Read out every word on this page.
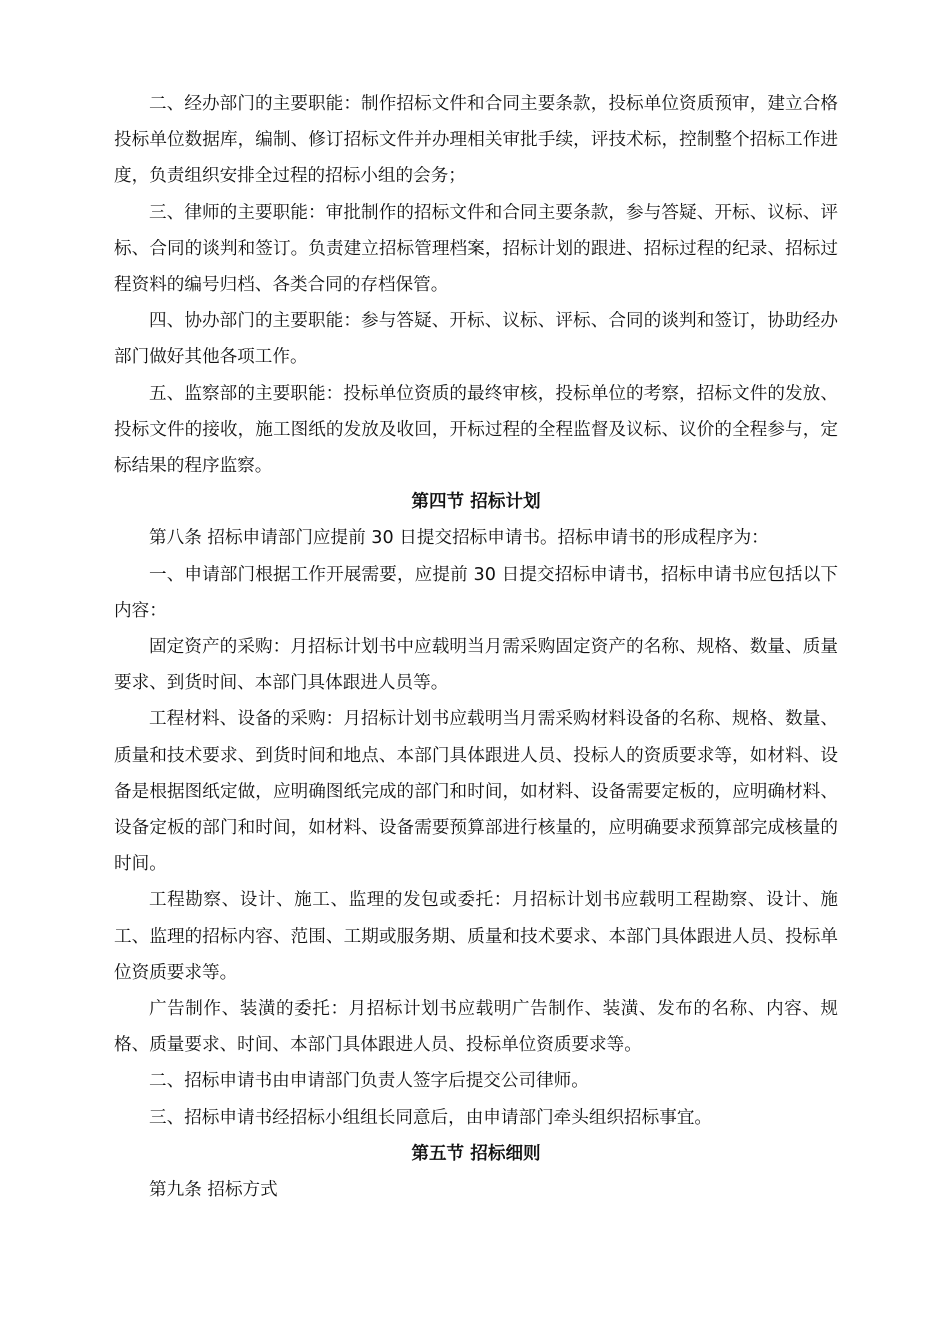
二、经办部门的主要职能：制作招标文件和合同主要条款，投标单位资质预审，建立合格投标单位数据库，编制、修订招标文件并办理相关审批手续，评技术标，控制整个招标工作进度，负责组织安排全过程的招标小组的会务；

三、律师的主要职能：审批制作的招标文件和合同主要条款，参与答疑、开标、议标、评标、合同的谈判和签订。负责建立招标管理档案，招标计划的跟进、招标过程的纪录、招标过程资料的编号归档、各类合同的存档保管。

四、协办部门的主要职能：参与答疑、开标、议标、评标、合同的谈判和签订，协助经办部门做好其他各项工作。

五、监察部的主要职能：投标单位资质的最终审核，投标单位的考察，招标文件的发放、投标文件的接收，施工图纸的发放及收回，开标过程的全程监督及议标、议价的全程参与，定标结果的程序监察。

第四节 招标计划

第八条 招标申请部门应提前 30 日提交招标申请书。招标申请书的形成程序为：

一、申请部门根据工作开展需要，应提前 30 日提交招标申请书，招标申请书应包括以下内容：

固定资产的采购：月招标计划书中应载明当月需采购固定资产的名称、规格、数量、质量要求、到货时间、本部门具体跟进人员等。

工程材料、设备的采购：月招标计划书应载明当月需采购材料设备的名称、规格、数量、质量和技术要求、到货时间和地点、本部门具体跟进人员、投标人的资质要求等，如材料、设备是根据图纸定做，应明确图纸完成的部门和时间，如材料、设备需要定板的，应明确材料、设备定板的部门和时间，如材料、设备需要预算部进行核量的，应明确要求预算部完成核量的时间。

工程勘察、设计、施工、监理的发包或委托：月招标计划书应载明工程勘察、设计、施工、监理的招标内容、范围、工期或服务期、质量和技术要求、本部门具体跟进人员、投标单位资质要求等。

广告制作、装潢的委托：月招标计划书应载明广告制作、装潢、发布的名称、内容、规格、质量要求、时间、本部门具体跟进人员、投标单位资质要求等。

二、招标申请书由申请部门负责人签字后提交公司律师。

三、招标申请书经招标小组组长同意后，由申请部门牵头组织招标事宜。

第五节 招标细则

第九条 招标方式
